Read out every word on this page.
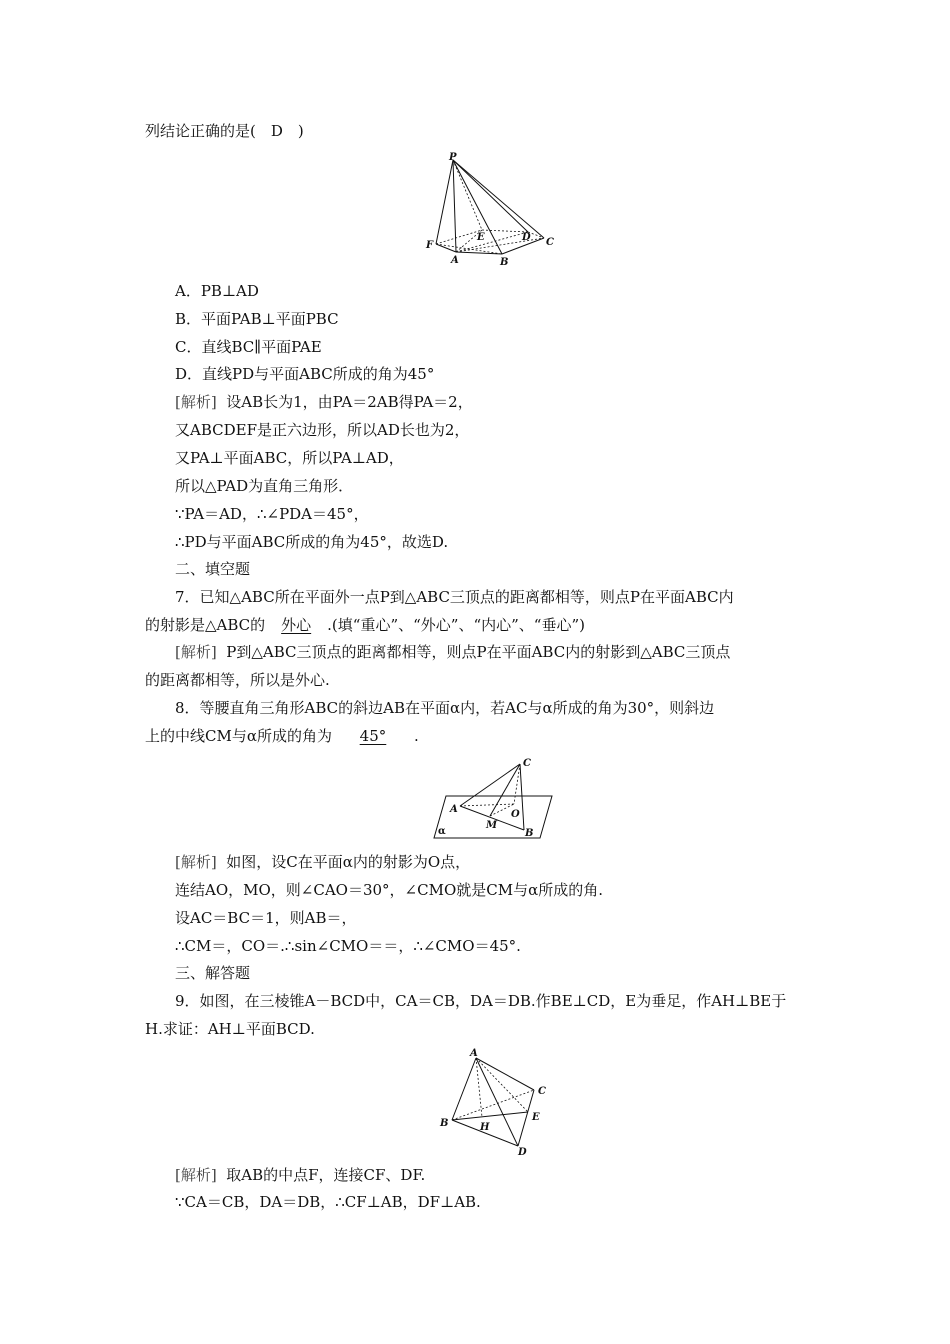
列结论正确的是(　D　)
P
F
E	D C
A	B
A．PB⊥AD
B．平面PAB⊥平面PBC
C．直线BC∥平面PAE
D．直线PD与平面ABC所成的角为45°
[解析] 设AB长为1，由PA＝2AB得PA＝2，
又ABCDEF是正六边形，所以AD长也为2，
又PA⊥平面ABC，所以PA⊥AD，
所以△PAD为直角三角形．
∵PA＝AD，∴∠PDA＝45°，
∴PD与平面ABC所成的角为45°，故选D.
二、填空题
7．已知△ABC所在平面外一点P到△ABC三顶点的距离都相等，则点P在平面ABC内
的射影是△ABC的 外心 .(填“重心”、“外心”、“内心”、“垂心”)
[解析] P到△ABC三顶点的距离都相等，则点P在平面ABC内的射影到△ABC三顶点
的距离都相等，所以是外心.
8．等腰直角三角形ABC的斜边AB在平面α内，若AC与α所成的角为30°，则斜边
上的中线CM与α所成的角为 45° .
C
A	O
M
B
α
[解析] 如图，设C在平面α内的射影为O点，
连结AO，MO，则∠CAO＝30°，∠CMO就是CM与α所成的角.
设AC＝BC＝1，则AB＝，
∴CM＝，CO＝.∴sin∠CMO＝＝，∴∠CMO＝45°.
三、解答题
9．如图，在三棱锥A－BCD中，CA＝CB，DA＝DB.作BE⊥CD，E为垂足，作AH⊥BE于
H.求证：AH⊥平面BCD.
A
C
B	H
E
D
[解析] 取AB的中点F，连接CF、DF.
∵CA＝CB，DA＝DB，∴CF⊥AB，DF⊥AB.
